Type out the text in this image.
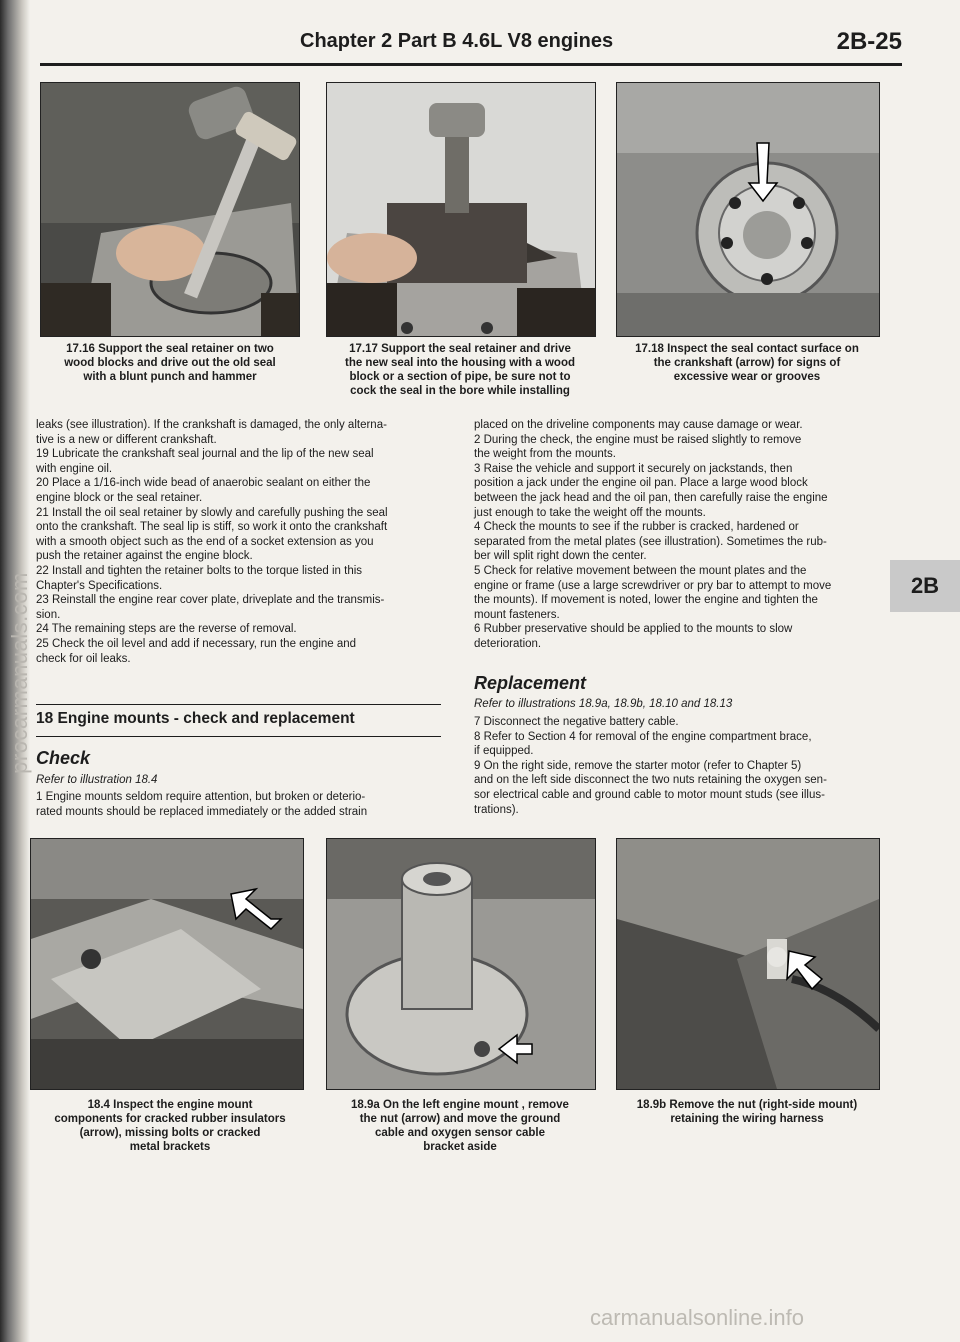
procarmanuals.com
Chapter 2 Part B 4.6L V8 engines	2B-25
17.16 Support the seal retainer on two
wood blocks and drive out the old seal
with a blunt punch and hammer
17.17 Support the seal retainer and drive
the new seal into the housing with a wood
block or a section of pipe, be sure not to
cock the seal in the bore while installing
17.18 Inspect the seal contact surface on
the crankshaft (arrow) for signs of
excessive wear or grooves

leaks (see illustration). If the crankshaft is damaged, the only alterna-

tive is a new or different crankshaft.

19 Lubricate the crankshaft seal journal and the lip of the new seal

with engine oil.

20 Place a 1/16-inch wide bead of anaerobic sealant on either the

engine block or the seal retainer.

21 Install the oil seal retainer by slowly and carefully pushing the seal

onto the crankshaft. The seal lip is stiff, so work it onto the crankshaft

with a smooth object such as the end of a socket extension as you

push the retainer against the engine block.

22 Install and tighten the retainer bolts to the torque listed in this

Chapter's Specifications.

23 Reinstall the engine rear cover plate, driveplate and the transmis-

sion.

24 The remaining steps are the reverse of removal.

25 Check the oil level and add if necessary, run the engine and

check for oil leaks.

18 Engine mounts - check and replacement
Check
Refer to illustration 18.4

1 Engine mounts seldom require attention, but broken or deterio-

rated mounts should be replaced immediately or the added strain

placed on the driveline components may cause damage or wear.

2 During the check, the engine must be raised slightly to remove

the weight from the mounts.

3 Raise the vehicle and support it securely on jackstands, then

position a jack under the engine oil pan. Place a large wood block

between the jack head and the oil pan, then carefully raise the engine

just enough to take the weight off the mounts.

4 Check the mounts to see if the rubber is cracked, hardened or

separated from the metal plates (see illustration). Sometimes the rub-

ber will split right down the center.

5 Check for relative movement between the mount plates and the

engine or frame (use a large screwdriver or pry bar to attempt to move

the mounts). If movement is noted, lower the engine and tighten the

mount fasteners.

6 Rubber preservative should be applied to the mounts to slow

deterioration.

Replacement
Refer to illustrations 18.9a, 18.9b, 18.10 and 18.13

7 Disconnect the negative battery cable.

8 Refer to Section 4 for removal of the engine compartment brace,

if equipped.

9 On the right side, remove the starter motor (refer to Chapter 5)

and on the left side disconnect the two nuts retaining the oxygen sen-

sor electrical cable and ground cable to motor mount studs (see illus-

trations).

2B
18.4 Inspect the engine mount
components for cracked rubber insulators
(arrow), missing bolts or cracked
metal brackets
18.9a On the left engine mount , remove
the nut (arrow) and move the ground
cable and oxygen sensor cable
bracket aside
18.9b Remove the nut (right-side mount)
retaining the wiring harness
carmanualsonline.info
